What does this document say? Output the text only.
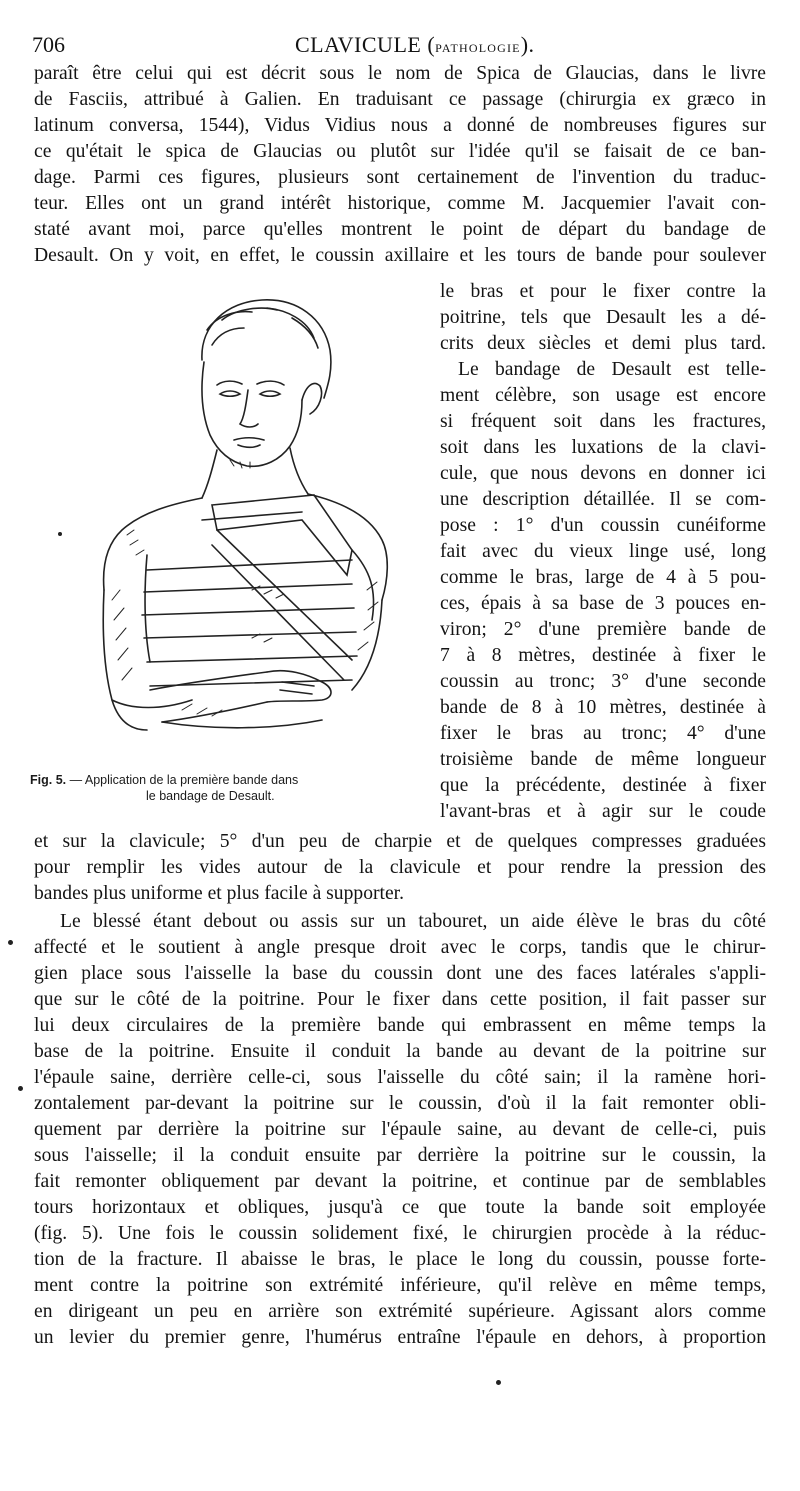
706	CLAVICULE (PATHOLOGIE).
paraît être celui qui est décrit sous le nom de Spica de Glaucias, dans le livre
de Fasciis, attribué à Galien. En traduisant ce passage (chirurgia ex græco in
latinum conversa, 1544), Vidus Vidius nous a donné de nombreuses figures sur
ce qu'était le spica de Glaucias ou plutôt sur l'idée qu'il se faisait de ce ban-
dage. Parmi ces figures, plusieurs sont certainement de l'invention du traduc-
teur. Elles ont un grand intérêt historique, comme M. Jacquemier l'avait con-
staté avant moi, parce qu'elles montrent le point de départ du bandage de
Desault. On y voit, en effet, le coussin axillaire et les tours de bande pour soulever
le bras et pour le fixer contre la
poitrine, tels que Desault les a dé-
crits deux siècles et demi plus tard.
Le bandage de Desault est telle-
ment célèbre, son usage est encore
si fréquent soit dans les fractures,
soit dans les luxations de la clavi-
cule, que nous devons en donner ici
une description détaillée. Il se com-
pose : 1° d'un coussin cunéiforme
fait avec du vieux linge usé, long
comme le bras, large de 4 à 5 pou-
ces, épais à sa base de 3 pouces en-
viron; 2° d'une première bande de
7 à 8 mètres, destinée à fixer le
coussin au tronc; 3° d'une seconde
bande de 8 à 10 mètres, destinée à
fixer le bras au tronc; 4° d'une
troisième bande de même longueur
que la précédente, destinée à fixer
l'avant-bras et à agir sur le coude
Fig. 5. — Application de la première bande dans
le bandage de Desault.
et sur la clavicule; 5° d'un peu de charpie et de quelques compresses graduées
pour remplir les vides autour de la clavicule et pour rendre la pression des
bandes plus uniforme et plus facile à supporter.
Le blessé étant debout ou assis sur un tabouret, un aide élève le bras du côté
affecté et le soutient à angle presque droit avec le corps, tandis que le chirur-
gien place sous l'aisselle la base du coussin dont une des faces latérales s'appli-
que sur le côté de la poitrine. Pour le fixer dans cette position, il fait passer sur
lui deux circulaires de la première bande qui embrassent en même temps la
base de la poitrine. Ensuite il conduit la bande au devant de la poitrine sur
l'épaule saine, derrière celle-ci, sous l'aisselle du côté sain; il la ramène hori-
zontalement par-devant la poitrine sur le coussin, d'où il la fait remonter obli-
quement par derrière la poitrine sur l'épaule saine, au devant de celle-ci, puis
sous l'aisselle; il la conduit ensuite par derrière la poitrine sur le coussin, la
fait remonter obliquement par devant la poitrine, et continue par de semblables
tours horizontaux et obliques, jusqu'à ce que toute la bande soit employée
(fig. 5). Une fois le coussin solidement fixé, le chirurgien procède à la réduc-
tion de la fracture. Il abaisse le bras, le place le long du coussin, pousse forte-
ment contre la poitrine son extrémité inférieure, qu'il relève en même temps,
en dirigeant un peu en arrière son extrémité supérieure. Agissant alors comme
un levier du premier genre, l'humérus entraîne l'épaule en dehors, à proportion
